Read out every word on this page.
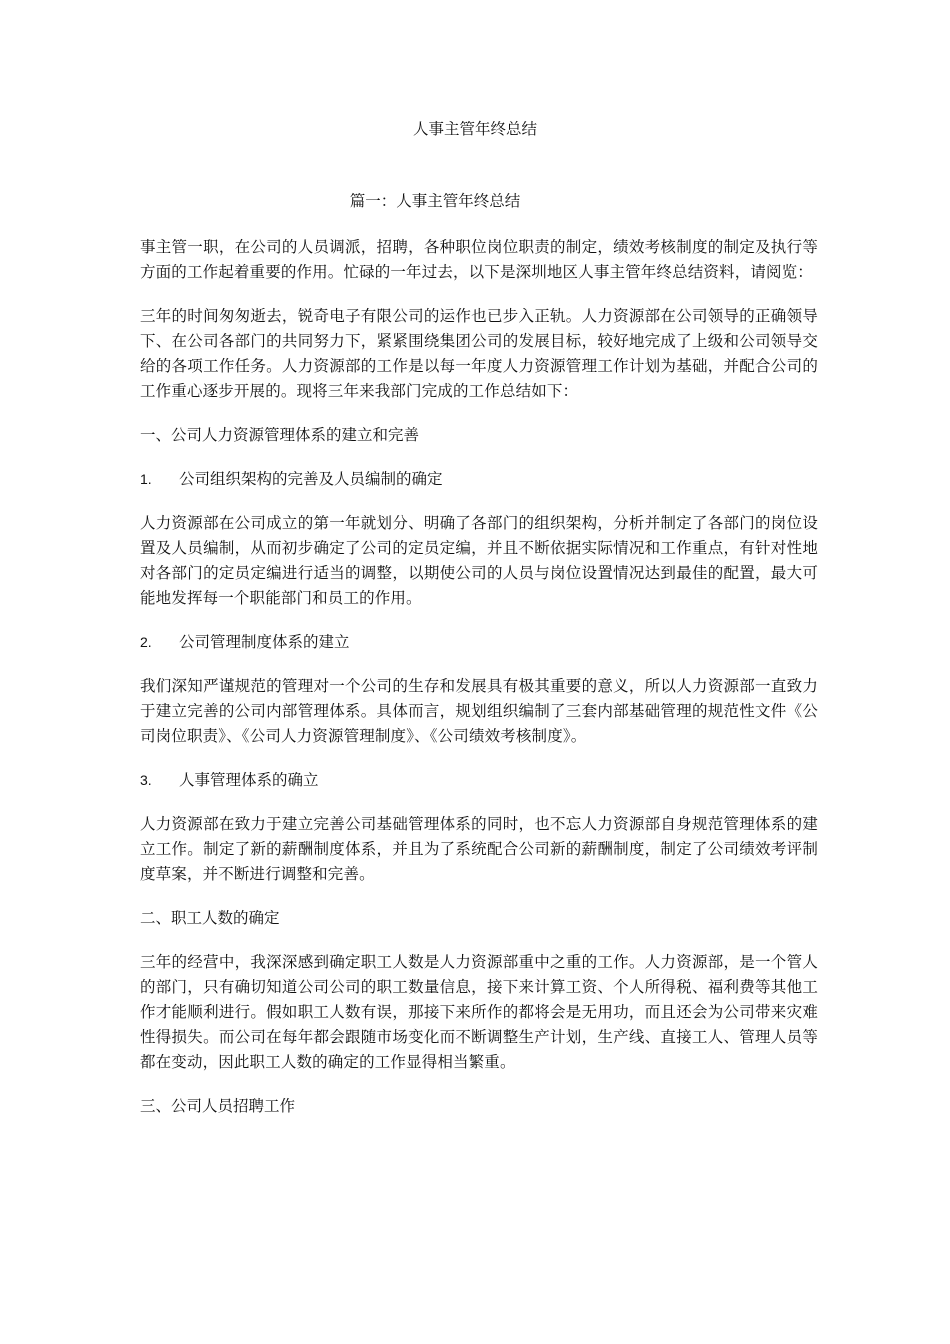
人事主管年终总结
篇一：人事主管年终总结

事主管一职，在公司的人员调派，招聘，各种职位岗位职责的制定，绩效考核制度的制定及执行等方面的工作起着重要的作用。忙碌的一年过去，以下是深圳地区人事主管年终总结资料，请阅览：

三年的时间匆匆逝去，锐奇电子有限公司的运作也已步入正轨。人力资源部在公司领导的正确领导下、在公司各部门的共同努力下，紧紧围绕集团公司的发展目标，较好地完成了上级和公司领导交给的各项工作任务。人力资源部的工作是以每一年度人力资源管理工作计划为基础，并配合公司的工作重心逐步开展的。现将三年来我部门完成的工作总结如下：

一、公司人力资源管理体系的建立和完善

1.	公司组织架构的完善及人员编制的确定

人力资源部在公司成立的第一年就划分、明确了各部门的组织架构，分析并制定了各部门的岗位设置及人员编制，从而初步确定了公司的定员定编，并且不断依据实际情况和工作重点，有针对性地对各部门的定员定编进行适当的调整，以期使公司的人员与岗位设置情况达到最佳的配置，最大可能地发挥每一个职能部门和员工的作用。

2.	公司管理制度体系的建立

我们深知严谨规范的管理对一个公司的生存和发展具有极其重要的意义，所以人力资源部一直致力于建立完善的公司内部管理体系。具体而言，规划组织编制了三套内部基础管理的规范性文件《公司岗位职责》、《公司人力资源管理制度》、《公司绩效考核制度》。

3.	人事管理体系的确立

人力资源部在致力于建立完善公司基础管理体系的同时，也不忘人力资源部自身规范管理体系的建立工作。制定了新的薪酬制度体系，并且为了系统配合公司新的薪酬制度，制定了公司绩效考评制度草案，并不断进行调整和完善。

二、职工人数的确定

三年的经营中，我深深感到确定职工人数是人力资源部重中之重的工作。人力资源部，是一个管人的部门，只有确切知道公司公司的职工数量信息，接下来计算工资、个人所得税、福利费等其他工作才能顺利进行。假如职工人数有误，那接下来所作的都将会是无用功，而且还会为公司带来灾难性得损失。而公司在每年都会跟随市场变化而不断调整生产计划，生产线、直接工人、管理人员等都在变动，因此职工人数的确定的工作显得相当繁重。

三、公司人员招聘工作
